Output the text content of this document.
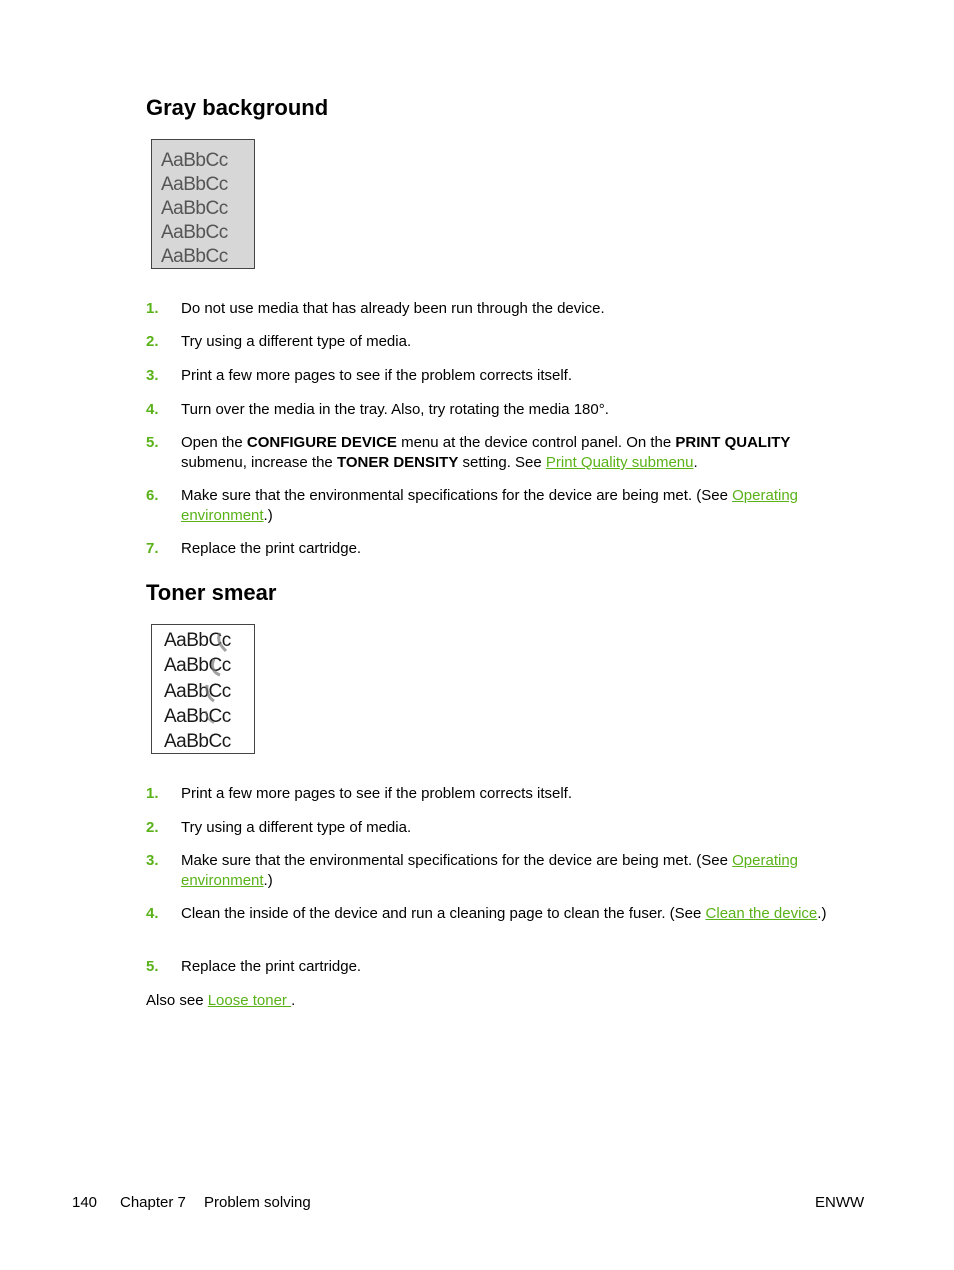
Gray background
AaBbCc
AaBbCc
AaBbCc
AaBbCc
AaBbCc
1. Do not use media that has already been run through the device.
2. Try using a different type of media.
3. Print a few more pages to see if the problem corrects itself.
4. Turn over the media in the tray. Also, try rotating the media 180°.
5. Open the CONFIGURE DEVICE menu at the device control panel. On the PRINT QUALITY submenu, increase the TONER DENSITY setting. See Print Quality submenu.
6. Make sure that the environmental specifications for the device are being met. (See Operating environment.)
7. Replace the print cartridge.
Toner smear
AaBbCc
AaBbCc
AaBbCc
AaBbCc
AaBbCc
1. Print a few more pages to see if the problem corrects itself.
2. Try using a different type of media.
3. Make sure that the environmental specifications for the device are being met. (See Operating environment.)
4. Clean the inside of the device and run a cleaning page to clean the fuser. (See Clean the device.)
5. Replace the print cartridge.
Also see Loose toner .
140 Chapter 7 Problem solving	ENWW
